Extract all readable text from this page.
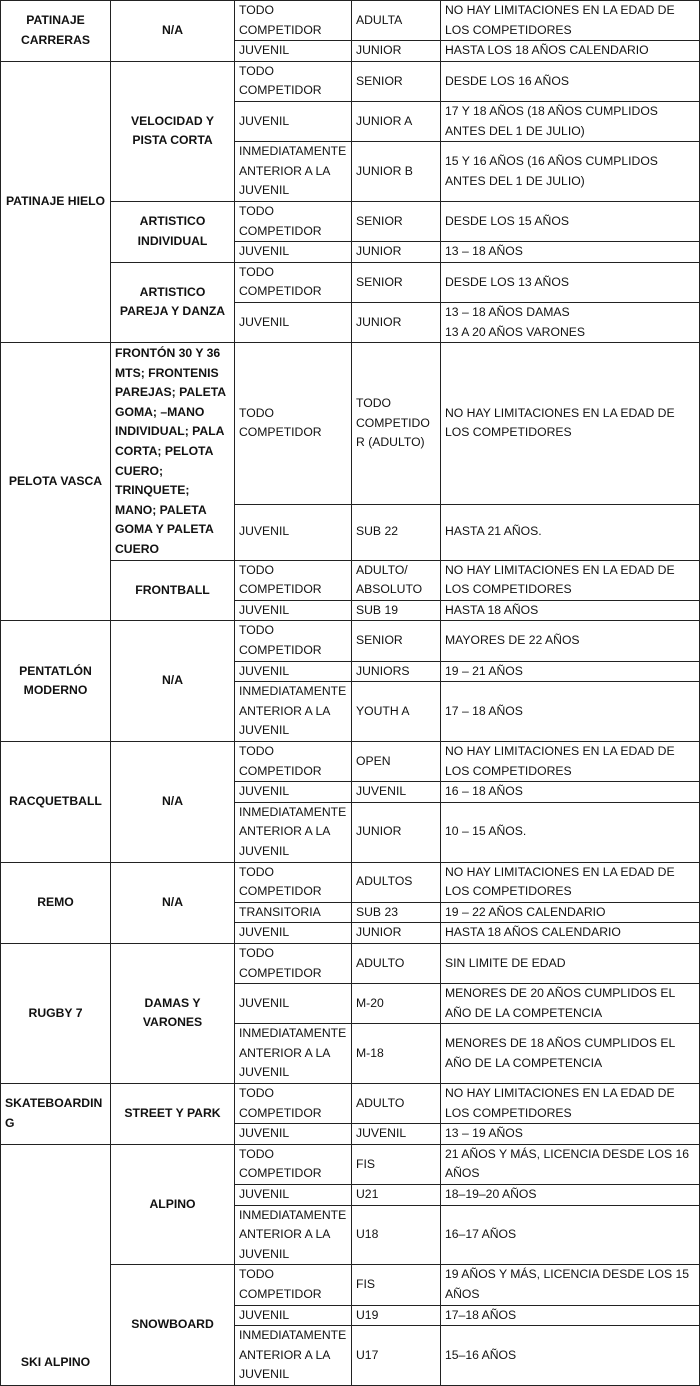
PATINAJE CARRERAS	N/A	TODO COMPETIDOR	ADULTA	NO HAY LIMITACIONES EN LA EDAD DE LOS COMPETIDORES
		JUVENIL	JUNIOR	HASTA LOS 18 AÑOS CALENDARIO
PATINAJE HIELO	VELOCIDAD Y PISTA CORTA	TODO COMPETIDOR	SENIOR	DESDE LOS 16 AÑOS
		JUVENIL	JUNIOR A	17 Y 18 AÑOS (18 AÑOS CUMPLIDOS ANTES DEL 1 DE JULIO)
		INMEDIATAMENTE ANTERIOR A LA JUVENIL	JUNIOR B	15 Y 16 AÑOS (16 AÑOS CUMPLIDOS ANTES DEL 1 DE JULIO)
	ARTISTICO INDIVIDUAL	TODO COMPETIDOR	SENIOR	DESDE LOS 15 AÑOS
		JUVENIL	JUNIOR	13 – 18 AÑOS
	ARTISTICO PAREJA Y DANZA	TODO COMPETIDOR	SENIOR	DESDE LOS 13 AÑOS
		JUVENIL	JUNIOR	13 – 18 AÑOS DAMAS
13 A 20 AÑOS VARONES
PELOTA VASCA	FRONTÓN 30 Y 36 MTS; FRONTENIS PAREJAS; PALETA GOMA; –MANO INDIVIDUAL; PALA CORTA; PELOTA CUERO; TRINQUETE; MANO; PALETA GOMA Y PALETA CUERO	TODO COMPETIDOR	TODO COMPETIDOR (ADULTO)	NO HAY LIMITACIONES EN LA EDAD DE LOS COMPETIDORES
		JUVENIL	SUB 22	HASTA 21 AÑOS.
	FRONTBALL	TODO COMPETIDOR	ADULTO/ ABSOLUTO	NO HAY LIMITACIONES EN LA EDAD DE LOS COMPETIDORES
		JUVENIL	SUB 19	HASTA 18 AÑOS
PENTATLÓN MODERNO	N/A	TODO COMPETIDOR	SENIOR	MAYORES DE 22 AÑOS
		JUVENIL	JUNIORS	19 – 21 AÑOS
		INMEDIATAMENTE ANTERIOR A LA JUVENIL	YOUTH A	17 – 18 AÑOS
RACQUETBALL	N/A	TODO COMPETIDOR	OPEN	NO HAY LIMITACIONES EN LA EDAD DE LOS COMPETIDORES
		JUVENIL	JUVENIL	16 – 18 AÑOS
		INMEDIATAMENTE ANTERIOR A LA JUVENIL	JUNIOR	10 – 15 AÑOS.
REMO	N/A	TODO COMPETIDOR	ADULTOS	NO HAY LIMITACIONES EN LA EDAD DE LOS COMPETIDORES
		TRANSITORIA	SUB 23	19 – 22 AÑOS CALENDARIO
		JUVENIL	JUNIOR	HASTA 18 AÑOS CALENDARIO
RUGBY 7	DAMAS Y VARONES	TODO COMPETIDOR	ADULTO	SIN LIMITE DE EDAD
		JUVENIL	M-20	MENORES DE 20 AÑOS CUMPLIDOS EL AÑO DE LA COMPETENCIA
		INMEDIATAMENTE ANTERIOR A LA JUVENIL	M-18	MENORES DE 18 AÑOS CUMPLIDOS EL AÑO DE LA COMPETENCIA
SKATEBOARDING	STREET Y PARK	TODO COMPETIDOR	ADULTO	NO HAY LIMITACIONES EN LA EDAD DE LOS COMPETIDORES
		JUVENIL	JUVENIL	13 – 19 AÑOS
SKI ALPINO	ALPINO	TODO COMPETIDOR	FIS	21 AÑOS Y MÁS, LICENCIA DESDE LOS 16 AÑOS
		JUVENIL	U21	18–19–20 AÑOS
		INMEDIATAMENTE ANTERIOR A LA JUVENIL	U18	16–17 AÑOS
	SNOWBOARD	TODO COMPETIDOR	FIS	19 AÑOS Y MÁS, LICENCIA DESDE LOS 15 AÑOS
		JUVENIL	U19	17–18 AÑOS
		INMEDIATAMENTE ANTERIOR A LA JUVENIL	U17	15–16 AÑOS
